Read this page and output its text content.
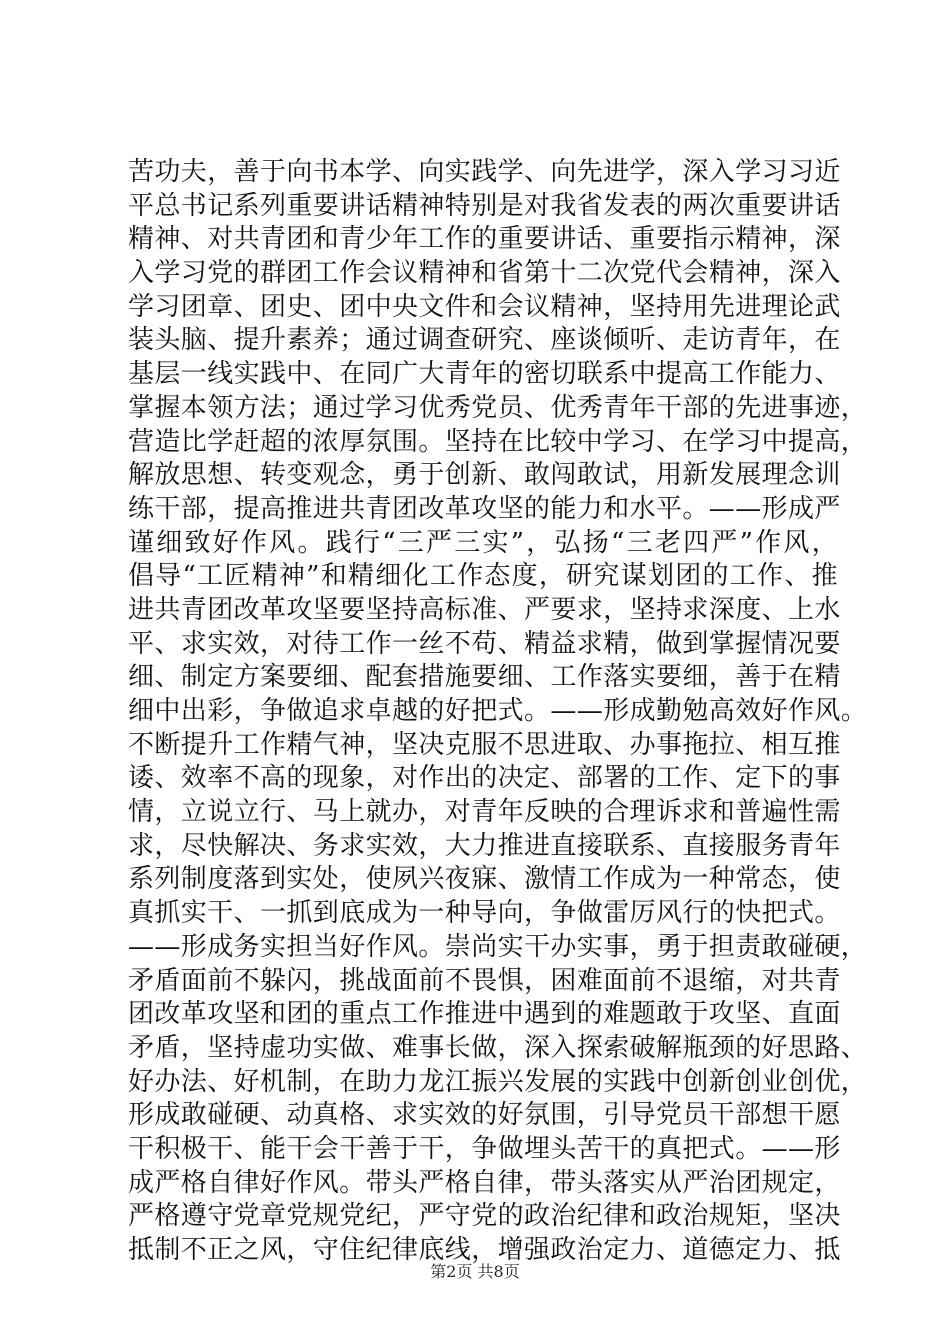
苦功夫，善于向书本学、向实践学、向先进学，深入学习习近
平总书记系列重要讲话精神特别是对我省发表的两次重要讲话
精神、对共青团和青少年工作的重要讲话、重要指示精神，深
入学习党的群团工作会议精神和省第十二次党代会精神，深入
学习团章、团史、团中央文件和会议精神，坚持用先进理论武
装头脑、提升素养；通过调查研究、座谈倾听、走访青年，在
基层一线实践中、在同广大青年的密切联系中提高工作能力、
掌握本领方法；通过学习优秀党员、优秀青年干部的先进事迹，
营造比学赶超的浓厚氛围。坚持在比较中学习、在学习中提高，
解放思想、转变观念，勇于创新、敢闯敢试，用新发展理念训
练干部，提高推进共青团改革攻坚的能力和水平。——形成严
谨细致好作风。践行“三严三实”，弘扬“三老四严”作风，
倡导“工匠精神”和精细化工作态度，研究谋划团的工作、推
进共青团改革攻坚要坚持高标准、严要求，坚持求深度、上水
平、求实效，对待工作一丝不苟、精益求精，做到掌握情况要
细、制定方案要细、配套措施要细、工作落实要细，善于在精
细中出彩，争做追求卓越的好把式。——形成勤勉高效好作风。
不断提升工作精气神，坚决克服不思进取、办事拖拉、相互推
诿、效率不高的现象，对作出的决定、部署的工作、定下的事
情，立说立行、马上就办，对青年反映的合理诉求和普遍性需
求，尽快解决、务求实效，大力推进直接联系、直接服务青年
系列制度落到实处，使夙兴夜寐、激情工作成为一种常态，使
真抓实干、一抓到底成为一种导向，争做雷厉风行的快把式。
——形成务实担当好作风。崇尚实干办实事，勇于担责敢碰硬，
矛盾面前不躲闪，挑战面前不畏惧，困难面前不退缩，对共青
团改革攻坚和团的重点工作推进中遇到的难题敢于攻坚、直面
矛盾，坚持虚功实做、难事长做，深入探索破解瓶颈的好思路、
好办法、好机制，在助力龙江振兴发展的实践中创新创业创优，
形成敢碰硬、动真格、求实效的好氛围，引导党员干部想干愿
干积极干、能干会干善于干，争做埋头苦干的真把式。——形
成严格自律好作风。带头严格自律，带头落实从严治团规定，
严格遵守党章党规党纪，严守党的政治纪律和政治规矩，坚决
抵制不正之风，守住纪律底线，增强政治定力、道德定力、抵
第2页 共8页
